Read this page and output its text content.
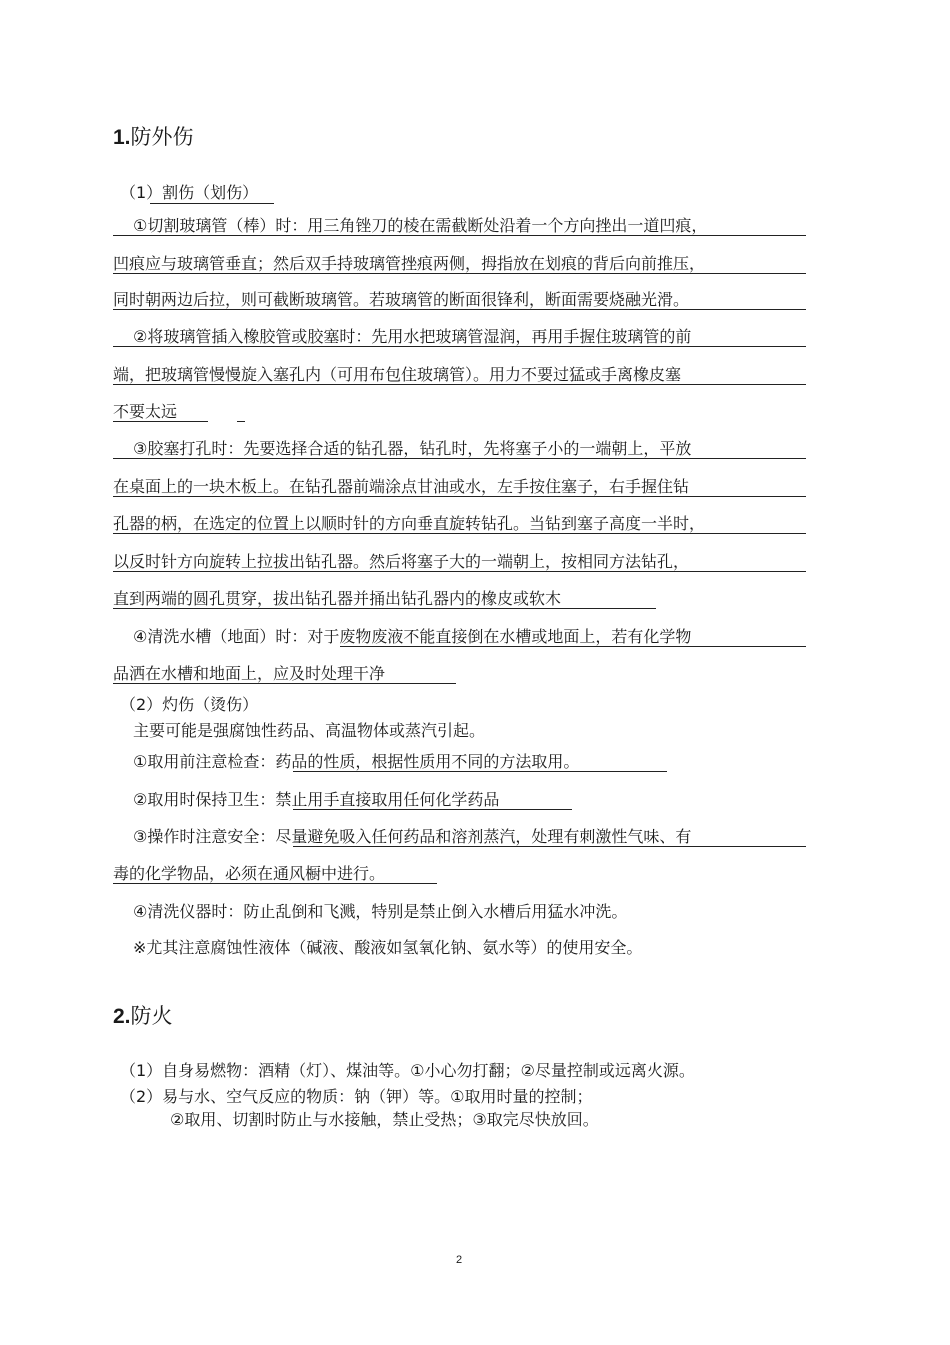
1.防外伤
（1）割伤（划伤）
①切割玻璃管（棒）时：用三角锉刀的棱在需截断处沿着一个方向挫出一道凹痕，
凹痕应与玻璃管垂直；然后双手持玻璃管挫痕两侧，拇指放在划痕的背后向前推压，
同时朝两边后拉，则可截断玻璃管。若玻璃管的断面很锋利，断面需要烧融光滑。
②将玻璃管插入橡胶管或胶塞时：先用水把玻璃管湿润，再用手握住玻璃管的前
端，把玻璃管慢慢旋入塞孔内（可用布包住玻璃管）。用力不要过猛或手离橡皮塞
不要太远
③胶塞打孔时：先要选择合适的钻孔器，钻孔时，先将塞子小的一端朝上，平放
在桌面上的一块木板上。在钻孔器前端涂点甘油或水，左手按住塞子，右手握住钻
孔器的柄，在选定的位置上以顺时针的方向垂直旋转钻孔。当钻到塞子高度一半时，
以反时针方向旋转上拉拔出钻孔器。然后将塞子大的一端朝上，按相同方法钻孔，
直到两端的圆孔贯穿，拔出钻孔器并捅出钻孔器内的橡皮或软木
④清洗水槽（地面）时：对于废物废液不能直接倒在水槽或地面上，若有化学物
品洒在水槽和地面上，应及时处理干净
（2）灼伤（烫伤）
主要可能是强腐蚀性药品、高温物体或蒸汽引起。
①取用前注意检查：药品的性质，根据性质用不同的方法取用。
②取用时保持卫生：禁止用手直接取用任何化学药品
③操作时注意安全：尽量避免吸入任何药品和溶剂蒸汽，处理有刺激性气味、有
毒的化学物品，必须在通风橱中进行。
④清洗仪器时：防止乱倒和飞溅，特别是禁止倒入水槽后用猛水冲洗。
※尤其注意腐蚀性液体（碱液、酸液如氢氧化钠、氨水等）的使用安全。
2.防火
（1）自身易燃物：酒精（灯）、煤油等。①小心勿打翻；②尽量控制或远离火源。
（2）易与水、空气反应的物质：钠（钾）等。①取用时量的控制；
②取用、切割时防止与水接触，禁止受热；③取完尽快放回。
2
